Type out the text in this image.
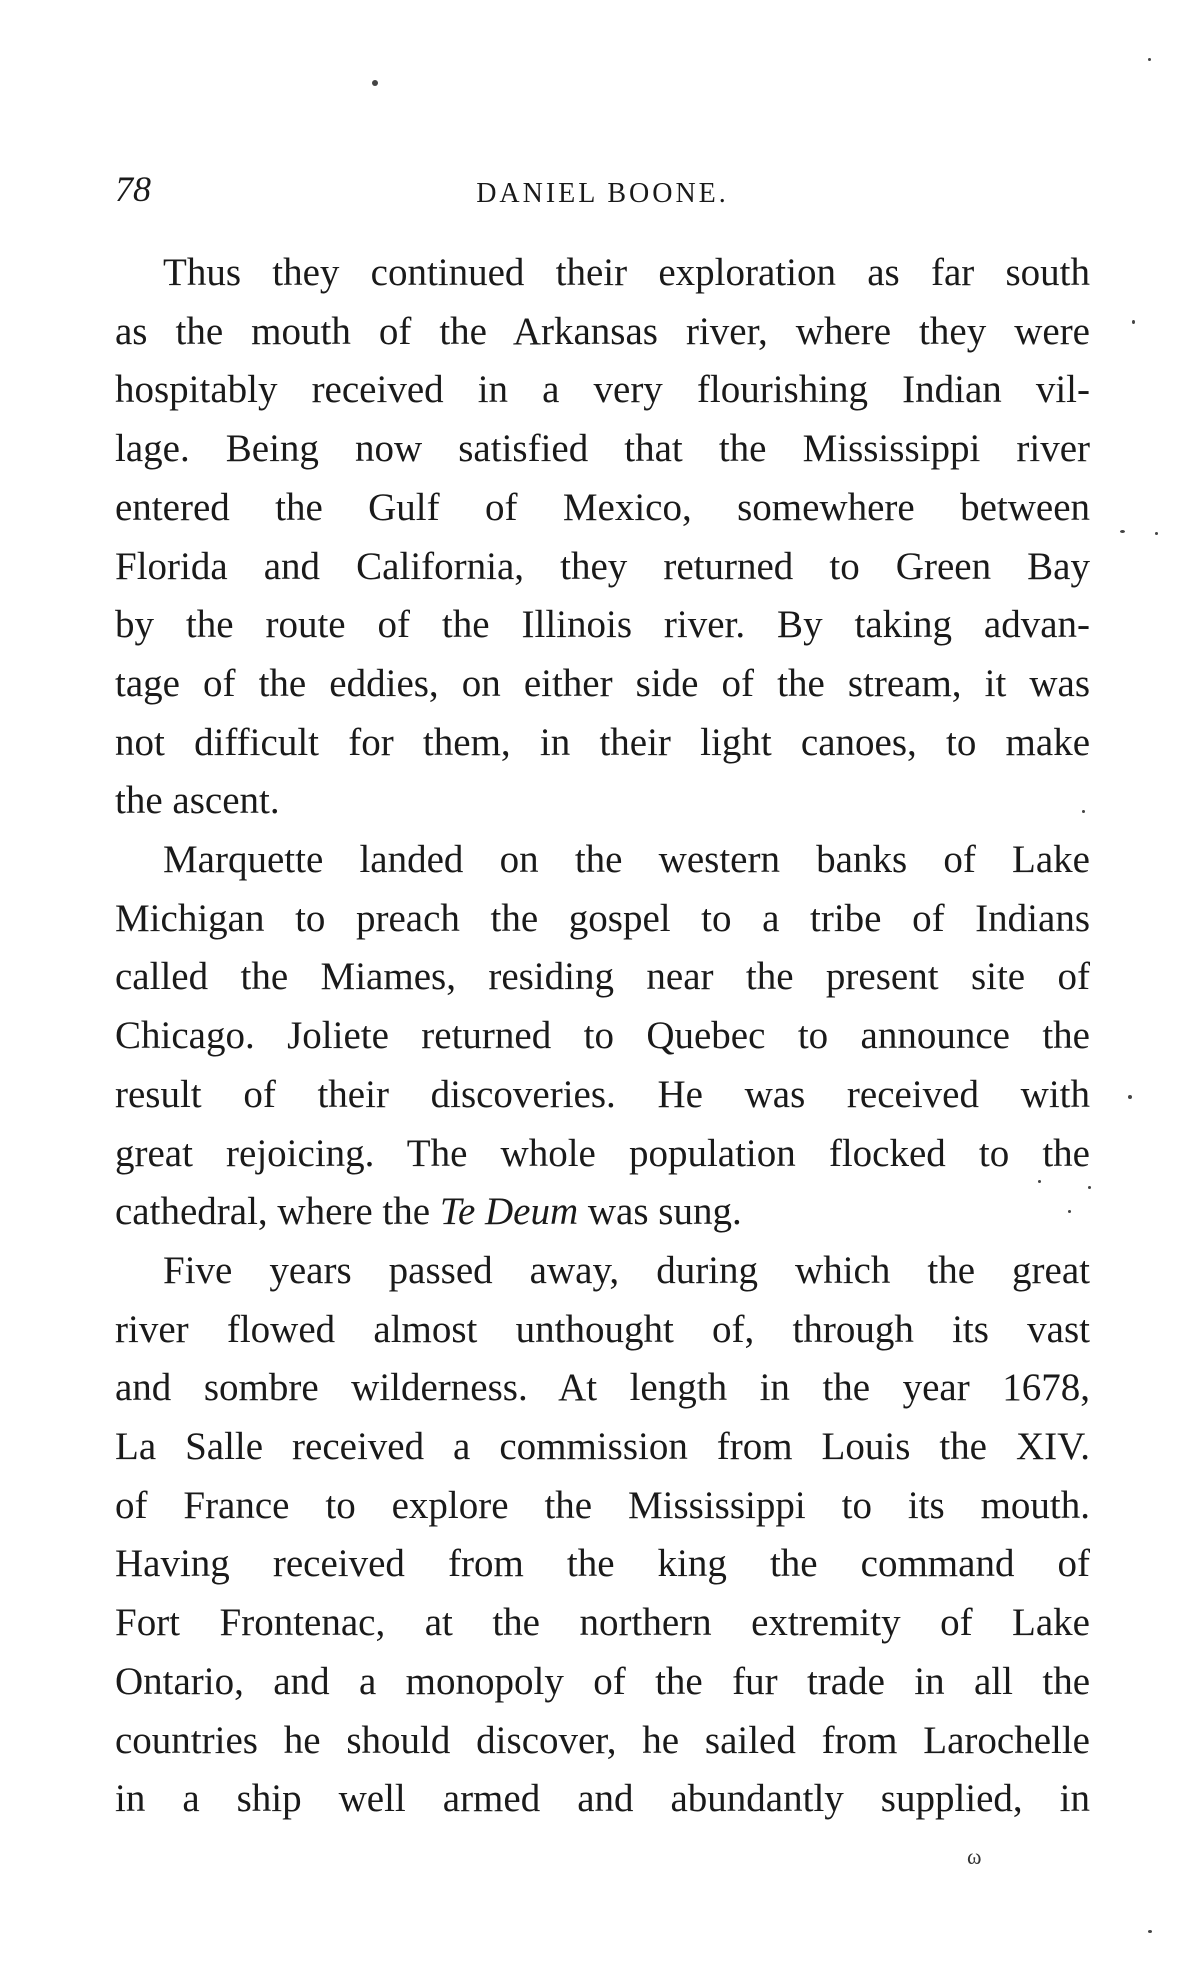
78	DANIEL BOONE.
Thus they continued their exploration as far south
as the mouth of the Arkansas river, where they were
hospitably received in a very flourishing Indian vil-
lage. Being now satisfied that the Mississippi river
entered the Gulf of Mexico, somewhere between
Florida and California, they returned to Green Bay
by the route of the Illinois river. By taking advan-
tage of the eddies, on either side of the stream, it was
not difficult for them, in their light canoes, to make
the ascent.
Marquette landed on the western banks of Lake
Michigan to preach the gospel to a tribe of Indians
called the Miames, residing near the present site of
Chicago. Joliete returned to Quebec to announce the
result of their discoveries. He was received with
great rejoicing. The whole population flocked to the
cathedral, where the Te Deum was sung.
Five years passed away, during which the great
river flowed almost unthought of, through its vast
and sombre wilderness. At length in the year 1678,
La Salle received a commission from Louis the XIV.
of France to explore the Mississippi to its mouth.
Having received from the king the command of
Fort Frontenac, at the northern extremity of Lake
Ontario, and a monopoly of the fur trade in all the
countries he should discover, he sailed from Larochelle
in a ship well armed and abundantly supplied, in
ω
